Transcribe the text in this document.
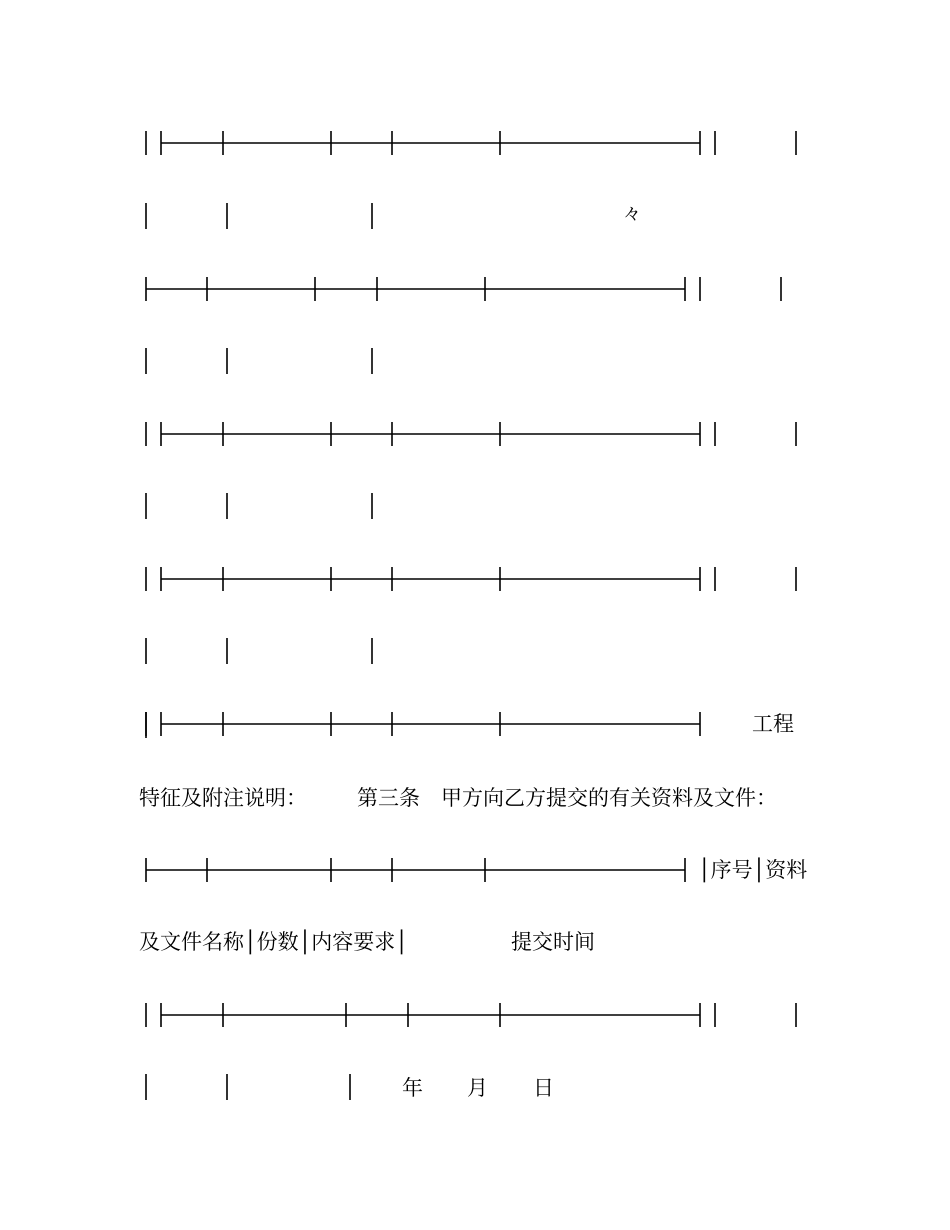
々
工程
特征及附注说明： 第三条　甲方向乙方提交的有关资料及文件：
│序号│资料
及文件名称│份数│内容要求│	提交时间
年 月 日
